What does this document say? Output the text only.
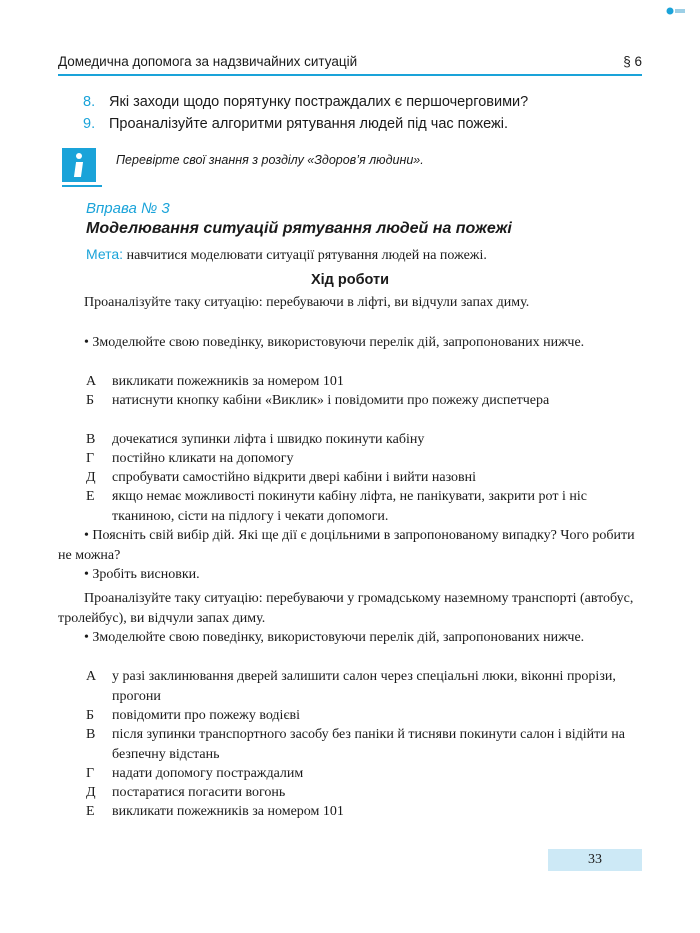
Домедична допомога за надзвичайних ситуацій	§ 6
8. Які заходи щодо порятунку постраждалих є першочерговими?
9. Проаналізуйте алгоритми рятування людей під час пожежі.
Перевірте свої знання з розділу «Здоров’я людини».
Вправа № 3
Моделювання ситуацій рятування людей на пожежі
Мета: навчитися моделювати ситуації рятування людей на пожежі.
Хід роботи
Проаналізуйте таку ситуацію: перебуваючи в ліфті, ви відчули запах диму.
• Змоделюйте свою поведінку, використовуючи перелік дій, запропонованих нижче.
А викликати пожежників за номером 101
Б натиснути кнопку кабіни «Виклик» і повідомити про пожежу диспетчера
В дочекатися зупинки ліфта і швидко покинути кабіну
Г постійно кликати на допомогу
Д спробувати самостійно відкрити двері кабіни і вийти назовні
Е якщо немає можливості покинути кабіну ліфта, не панікувати, закрити рот і ніс тканиною, сісти на підлогу і чекати допомоги.
• Поясніть свій вибір дій. Які ще дії є доцільними в запропонованому випадку? Чого робити не можна?
• Зробіть висновки.
Проаналізуйте таку ситуацію: перебуваючи у громадському наземному транспорті (автобус, тролейбус), ви відчули запах диму.
• Змоделюйте свою поведінку, використовуючи перелік дій, запропонованих нижче.
А у разі заклинювання дверей залишити салон через спеціальні люки, віконні прорізи, прогони
Б повідомити про пожежу водієві
В після зупинки транспортного засобу без паніки й тисняви покинути салон і відійти на безпечну відстань
Г надати допомогу постраждалим
Д постаратися погасити вогонь
Е викликати пожежників за номером 101
33
